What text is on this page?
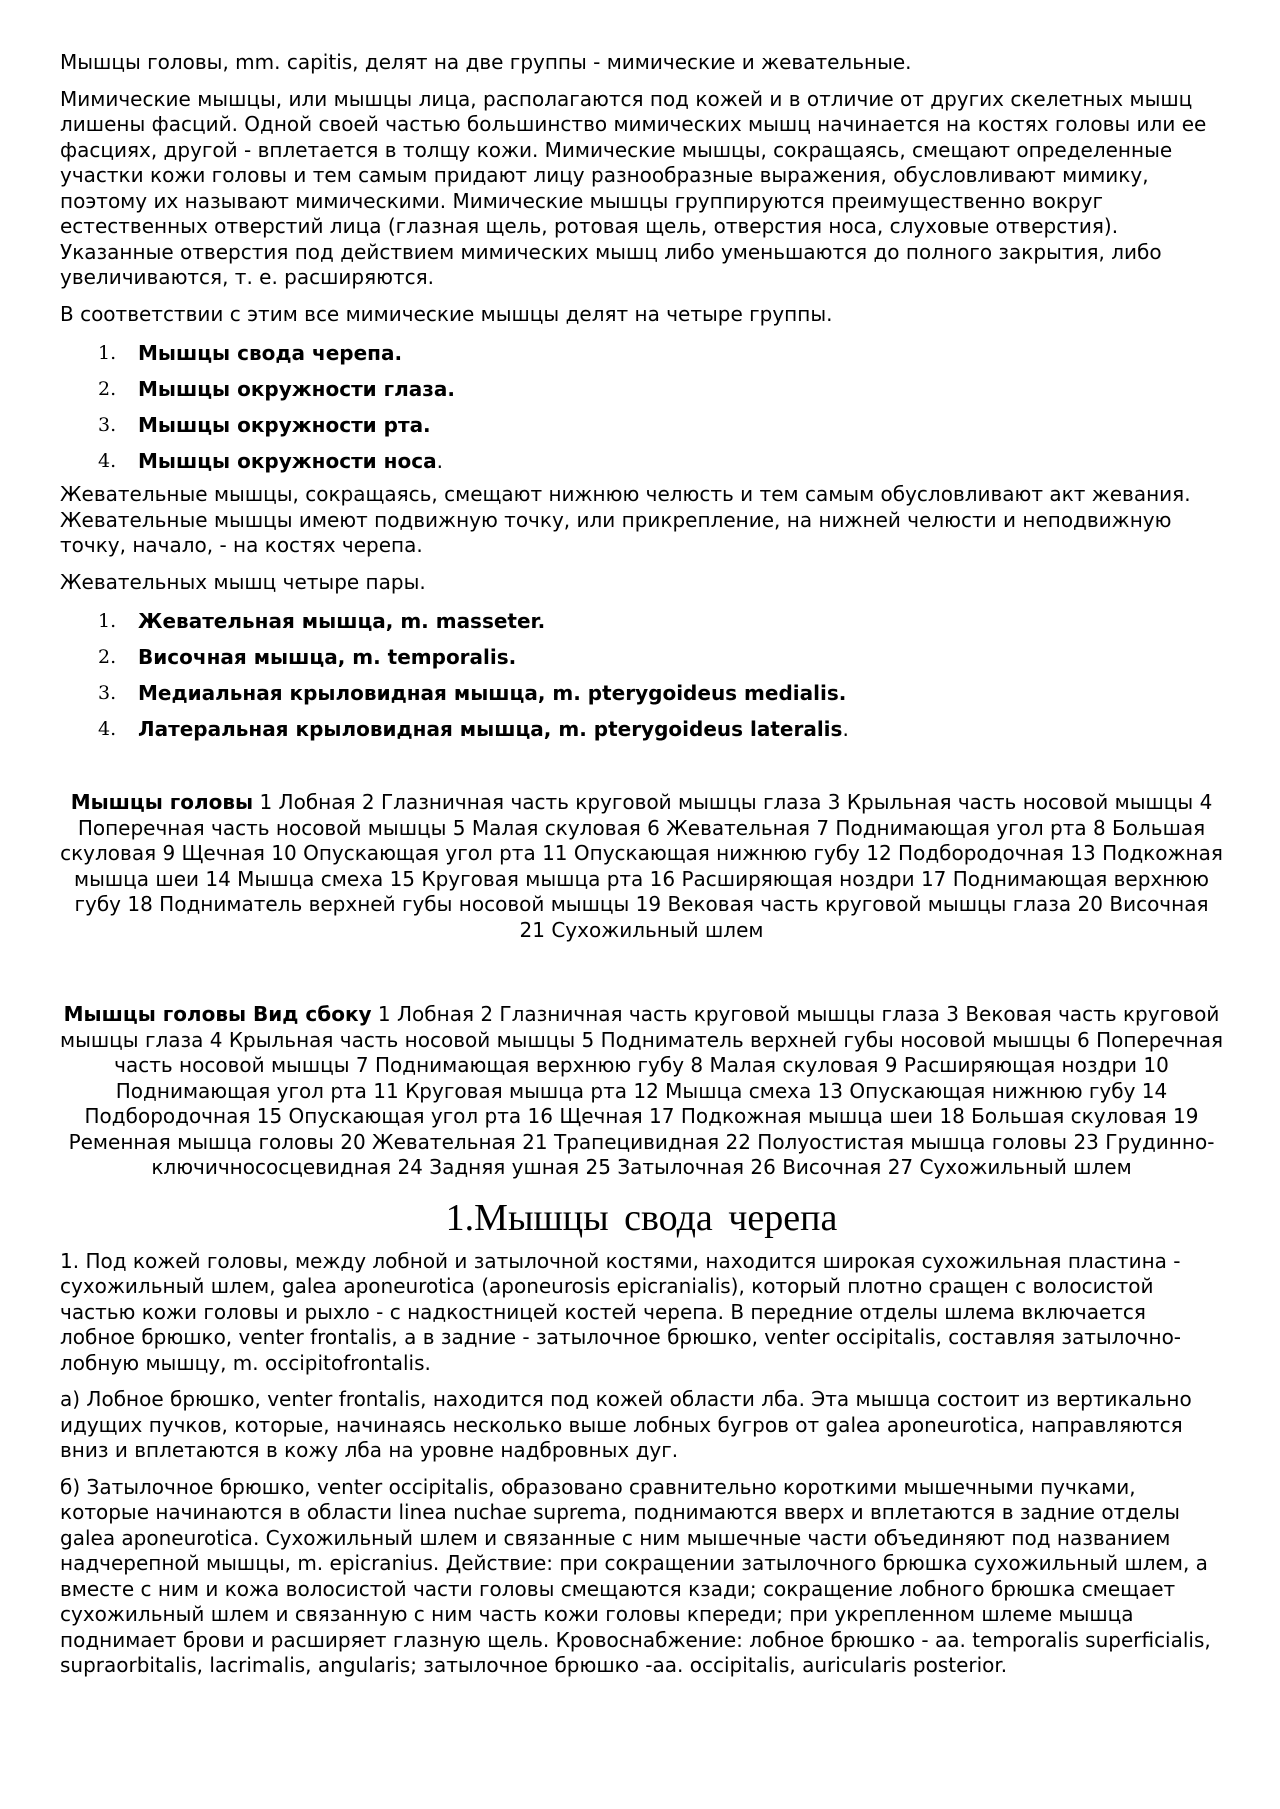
Мышцы головы, mm. capitis, делят на две группы - мимические и жевательные.

Мимические мышцы, или мышцы лица, располагаются под кожей и в отличие от других скелетных мышц лишены фасций. Одной своей частью большинство мимических мышц начинается на костях головы или ее фасциях, другой - вплетается в толщу кожи. Мимические мышцы, сокращаясь, смещают определенные участки кожи головы и тем самым придают лицу разнообразные выражения, обусловливают мимику, поэтому их называют мимическими. Мимические мышцы группируются преимущественно вокруг естественных отверстий лица (глазная щель, ротовая щель, отверстия носа, слуховые отверстия). Указанные отверстия под действием мимических мышц либо уменьшаются до полного закрытия, либо увеличиваются, т. е. расширяются.

В соответствии с этим все мимические мышцы делят на четыре группы.

1. Мышцы свода черепа.
2. Мышцы окружности глаза.
3. Мышцы окружности рта.
4. Мышцы окружности носа.

Жевательные мышцы, сокращаясь, смещают нижнюю челюсть и тем самым обусловливают акт жевания. Жевательные мышцы имеют подвижную точку, или прикрепление, на нижней челюсти и неподвижную точку, начало, - на костях черепа.

Жевательных мышц четыре пары.

1. Жевательная мышца, m. masseter.
2. Височная мышца, m. temporalis.
3. Медиальная крыловидная мышца, m. pterygoideus medialis.
4. Латеральная крыловидная мышца, m. pterygoideus lateralis.

Мышцы головы 1 Лобная 2 Глазничная часть круговой мышцы глаза 3 Крыльная часть носовой мышцы 4 Поперечная часть носовой мышцы 5 Малая скуловая 6 Жевательная 7 Поднимающая угол рта 8 Большая скуловая 9 Щечная 10 Опускающая угол рта 11 Опускающая нижнюю губу 12 Подбородочная 13 Подкожная мышца шеи 14 Мышца смеха 15 Круговая мышца рта 16 Расширяющая ноздри 17 Поднимающая верхнюю губу 18 Подниматель верхней губы носовой мышцы 19 Вековая часть круговой мышцы глаза 20 Височная 21 Сухожильный шлем

Мышцы головы Вид сбоку 1 Лобная 2 Глазничная часть круговой мышцы глаза 3 Вековая часть круговой мышцы глаза 4 Крыльная часть носовой мышцы 5 Подниматель верхней губы носовой мышцы 6 Поперечная часть носовой мышцы 7 Поднимающая верхнюю губу 8 Малая скуловая 9 Расширяющая ноздри 10 Поднимающая угол рта 11 Круговая мышца рта 12 Мышца смеха 13 Опускающая нижнюю губу 14 Подбородочная 15 Опускающая угол рта 16 Щечная 17 Подкожная мышца шеи 18 Большая скуловая 19 Ременная мышца головы 20 Жевательная 21 Трапецивидная 22 Полуостистая мышца головы 23 Грудинно-ключичнососцевидная 24 Задняя ушная 25 Затылочная 26 Височная 27 Сухожильный шлем

1.Мышцы свода черепа

1. Под кожей головы, между лобной и затылочной костями, находится широкая сухожильная пластина - сухожильный шлем, galea aponeurotica (aponeurosis epicranialis), который плотно сращен с волосистой частью кожи головы и рыхло - с надкостницей костей черепа. В передние отделы шлема включается лобное брюшко, venter frontalis, а в задние - затылочное брюшко, venter occipitalis, составляя затылочно-лобную мышцу, m. occipitofrontalis.

а) Лобное брюшко, venter frontalis, находится под кожей области лба. Эта мышца состоит из вертикально идущих пучков, которые, начинаясь несколько выше лобных бугров от galea aponeurotica, направляются вниз и вплетаются в кожу лба на уровне надбровных дуг.

б) Затылочное брюшко, venter occipitalis, образовано сравнительно короткими мышечными пучками, которые начинаются в области linea nuchae suprema, поднимаются вверх и вплетаются в задние отделы galea aponeurotica. Сухожильный шлем и связанные с ним мышечные части объединяют под названием надчерепной мышцы, m. epicranius. Действие: при сокращении затылочного брюшка сухожильный шлем, а вместе с ним и кожа волосистой части головы смещаются кзади; сокращение лобного брюшка смещает сухожильный шлем и связанную с ним часть кожи головы кпереди; при укрепленном шлеме мышца поднимает брови и расширяет глазную щель. Кровоснабжение: лобное брюшко - aa. temporalis superficialis, supraorbitalis, lacrimalis, angularis; затылочное брюшко -aa. occipitalis, auricularis posterior.
